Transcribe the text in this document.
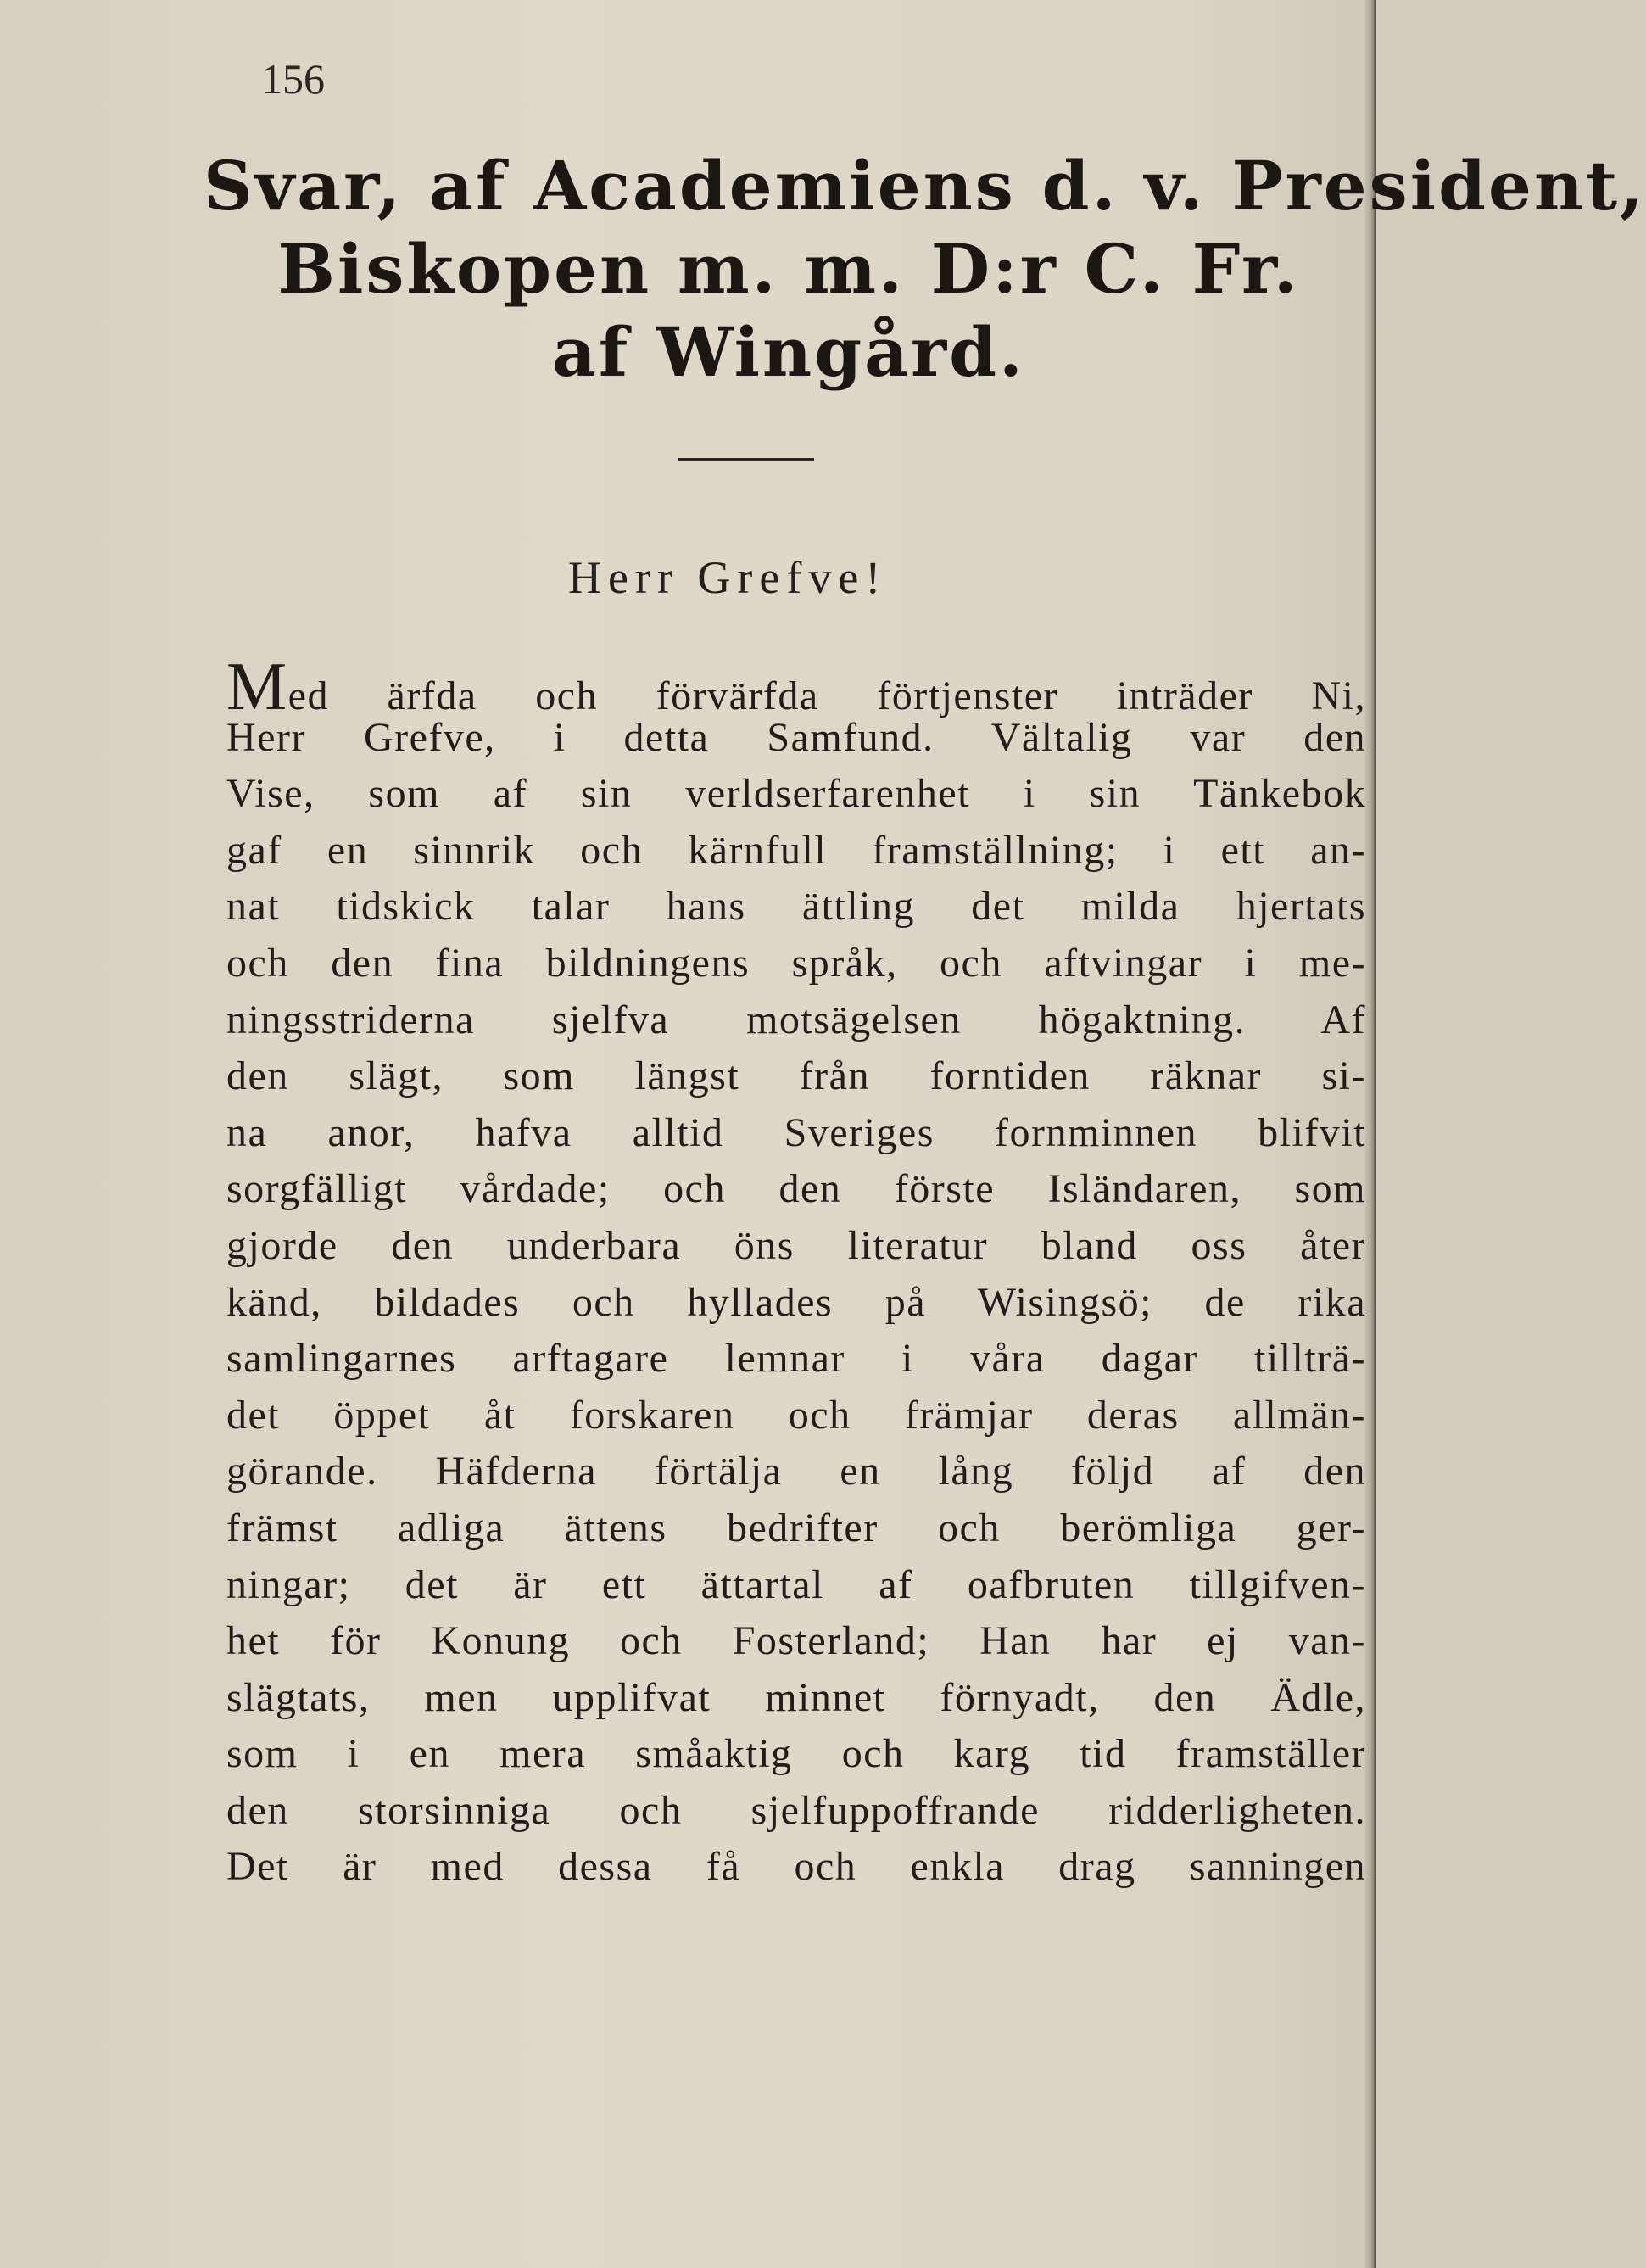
156

Svar, af Academiens d. v. President,
Biskopen m. m. D:r C. Fr.
af Wingård.

Herr Grefve!

Med ärfda och förvärfda förtjenster inträder Ni,
Herr Grefve, i detta Samfund. Vältalig var den
Vise, som af sin verldserfarenhet i sin Tänkebok
gaf en sinnrik och kärnfull framställning; i ett an-
nat tidskick talar hans ättling det milda hjertats
och den fina bildningens språk, och aftvingar i me-
ningsstriderna sjelfva motsägelsen högaktning. Af
den slägt, som längst från forntiden räknar si-
na anor, hafva alltid Sveriges fornminnen blifvit
sorgfälligt vårdade; och den förste Isländaren, som
gjorde den underbara öns literatur bland oss åter
känd, bildades och hyllades på Wisingsö; de rika
samlingarnes arftagare lemnar i våra dagar tillträ-
det öppet åt forskaren och främjar deras allmän-
görande. Häfderna förtälja en lång följd af den
främst adliga ättens bedrifter och berömliga ger-
ningar; det är ett ättartal af oafbruten tillgifven-
het för Konung och Fosterland; Han har ej van-
slägtats, men upplifvat minnet förnyadt, den Ädle,
som i en mera småaktig och karg tid framställer
den storsinniga och sjelfuppoffrande ridderligheten.
Det är med dessa få och enkla drag sanningen
